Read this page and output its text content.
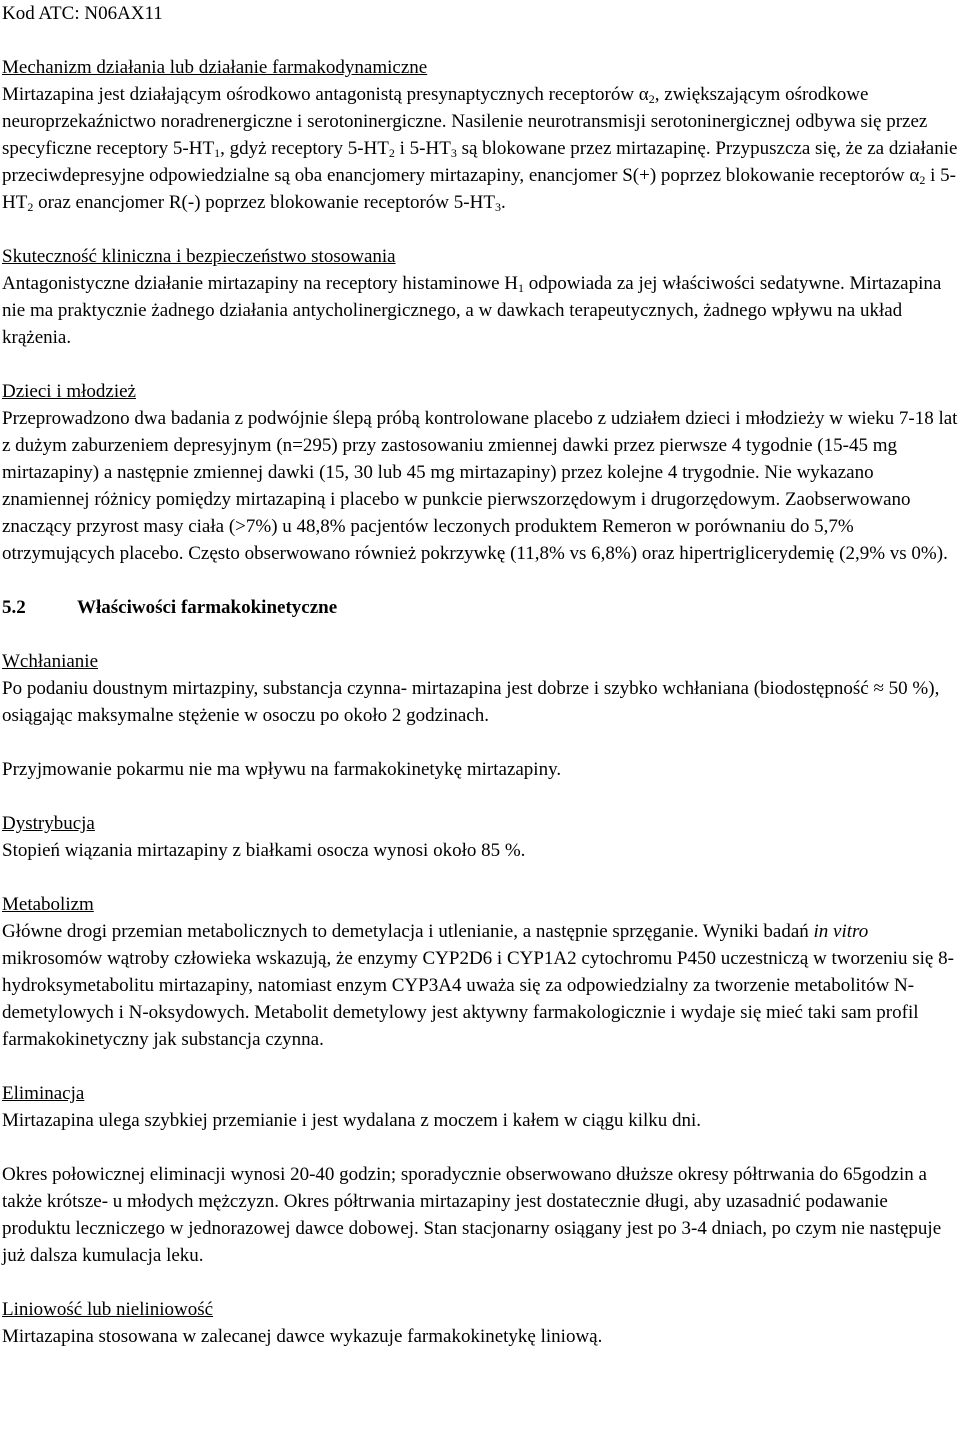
Kod ATC: N06AX11

Mechanizm działania lub działanie farmakodynamiczne

Mirtazapina jest działającym ośrodkowo antagonistą presynaptycznych receptorów $\alpha_2$, zwiększającym ośrodkowe neuroprzekaźnictwo noradrenergiczne i serotoninergiczne. Nasilenie neurotransmisji serotoninergicznej odbywa się przez specyficzne receptory $5-HT_1$, gdyż receptory $5-HT_2$ i $5-HT_3$ są blokowane przez mirtazapinę. Przypuszcza się, że za działanie przeciwdepresyjne odpowiedzialne są oba enancjomery mirtazapiny, enancjomer S(+) poprzez blokowanie receptorów $\alpha_2$ i $5-HT_2$ oraz enancjomer R(-) poprzez blokowanie receptorów $5-HT_3$.

Skuteczność kliniczna i bezpieczeństwo stosowania

Antagonistyczne działanie mirtazapiny na receptory histaminowe $H_1$ odpowiada za jej właściwości sedatywne. Mirtazapina nie ma praktycznie żadnego działania antycholinergicznego, a w dawkach terapeutycznych, żadnego wpływu na układ krążenia.

Dzieci i młodzież

Przeprowadzono dwa badania z podwójnie ślepą próbą kontrolowane placebo z udziałem dzieci i młodzieży w wieku 7-18 lat z dużym zaburzeniem depresyjnym (n=295) przy zastosowaniu zmiennej dawki przez pierwsze 4 tygodnie (15-45 mg mirtazapiny) a następnie zmiennej dawki (15, 30 lub 45 mg mirtazapiny) przez kolejne 4 trygodnie. Nie wykazano znamiennej różnicy pomiędzy mirtazapiną i placebo w punkcie pierwszorzędowym i drugorzędowym. Zaobserwowano znaczący przyrost masy ciała (>7%) u 48,8% pacjentów leczonych produktem Remeron w porównaniu do 5,7% otrzymujących placebo. Często obserwowano również pokrzywkę (11,8% vs 6,8%) oraz hipertriglicerydemię (2,9% vs 0%).

5.2	Właściwości farmakokinetyczne

Wchłanianie

Po podaniu doustnym mirtazpiny, substancja czynna- mirtazapina jest dobrze i szybko wchłaniana (biodostępność ≈ 50 %), osiągając maksymalne stężenie w osoczu po około 2 godzinach.

Przyjmowanie pokarmu nie ma wpływu na farmakokinetykę mirtazapiny.

Dystrybucja

Stopień wiązania mirtazapiny z białkami osocza wynosi około 85 %.

Metabolizm

Główne drogi przemian metabolicznych to demetylacja i utlenianie, a następnie sprzęganie. Wyniki badań in vitro mikrosomów wątroby człowieka wskazują, że enzymy CYP2D6 i CYP1A2 cytochromu P450 uczestniczą w tworzeniu się 8-hydroksymetabolitu mirtazapiny, natomiast enzym CYP3A4 uważa się za odpowiedzialny za tworzenie metabolitów N-demetylowych i N-oksydowych. Metabolit demetylowy jest aktywny farmakologicznie i wydaje się mieć taki sam profil farmakokinetyczny jak substancja czynna.

Eliminacja

Mirtazapina ulega szybkiej przemianie i jest wydalana z moczem i kałem w ciągu kilku dni.

Okres połowicznej eliminacji wynosi 20-40 godzin; sporadycznie obserwowano dłuższe okresy półtrwania do 65godzin a także krótsze- u młodych mężczyzn. Okres półtrwania mirtazapiny jest dostatecznie długi, aby uzasadnić podawanie produktu leczniczego w jednorazowej dawce dobowej. Stan stacjonarny osiągany jest po 3-4 dniach, po czym nie następuje już dalsza kumulacja leku.

Liniowość lub nieliniowość

Mirtazapina stosowana w zalecanej dawce wykazuje farmakokinetykę liniową.
